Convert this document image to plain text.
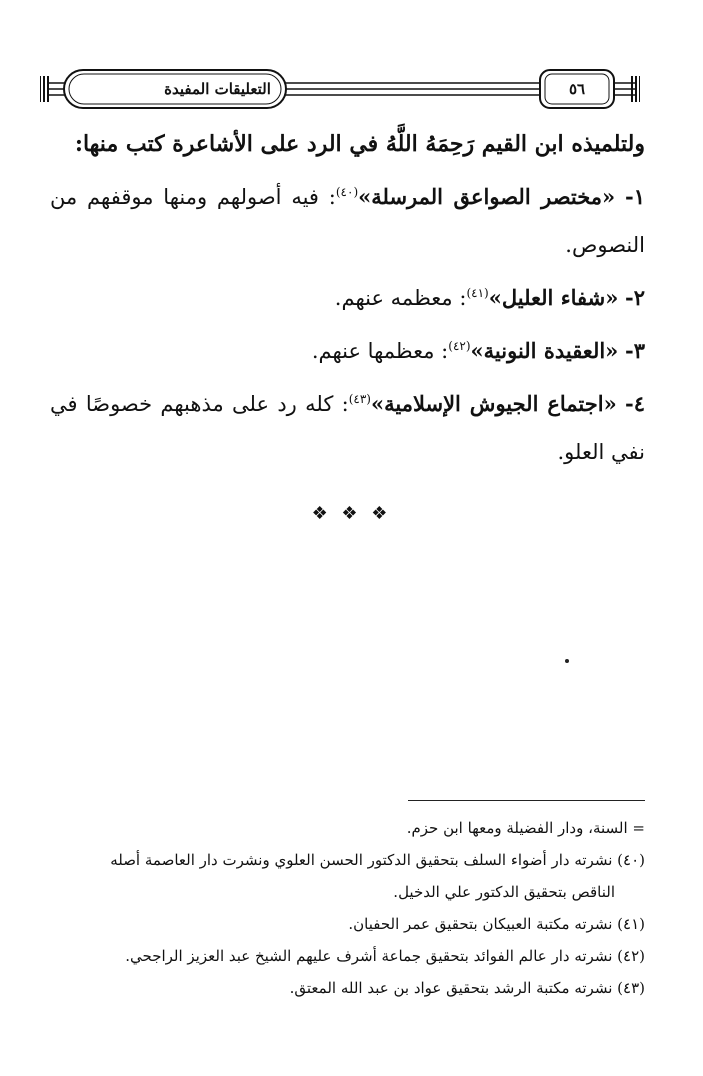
التعليقات المفيدة	٥٦

ولتلميذه ابن القيم رَحِمَهُ اللَّهُ في الرد على الأشاعرة كتب منها:

١- «مختصر الصواعق المرسلة»$^{(٤٠)}$: فيه أصولهم ومنها موقفهم من النصوص.

٢- «شفاء العليل»$^{(٤١)}$: معظمه عنهم.

٣- «العقيدة النونية»$^{(٤٢)}$: معظمها عنهم.

٤- «اجتماع الجيوش الإسلامية»$^{(٤٣)}$: كله رد على مذهبهم خصوصًا في نفي العلو.

❖ ❖ ❖

= السنة، ودار الفضيلة ومعها ابن حزم.

(٤٠) نشرته دار أضواء السلف بتحقيق الدكتور الحسن العلوي ونشرت دار العاصمة أصله

الناقص بتحقيق الدكتور علي الدخيل.

(٤١) نشرته مكتبة العبيكان بتحقيق عمر الحفيان.

(٤٢) نشرته دار عالم الفوائد بتحقيق جماعة أشرف عليهم الشيخ عبد العزيز الراجحي.

(٤٣) نشرته مكتبة الرشد بتحقيق عواد بن عبد الله المعتق.
